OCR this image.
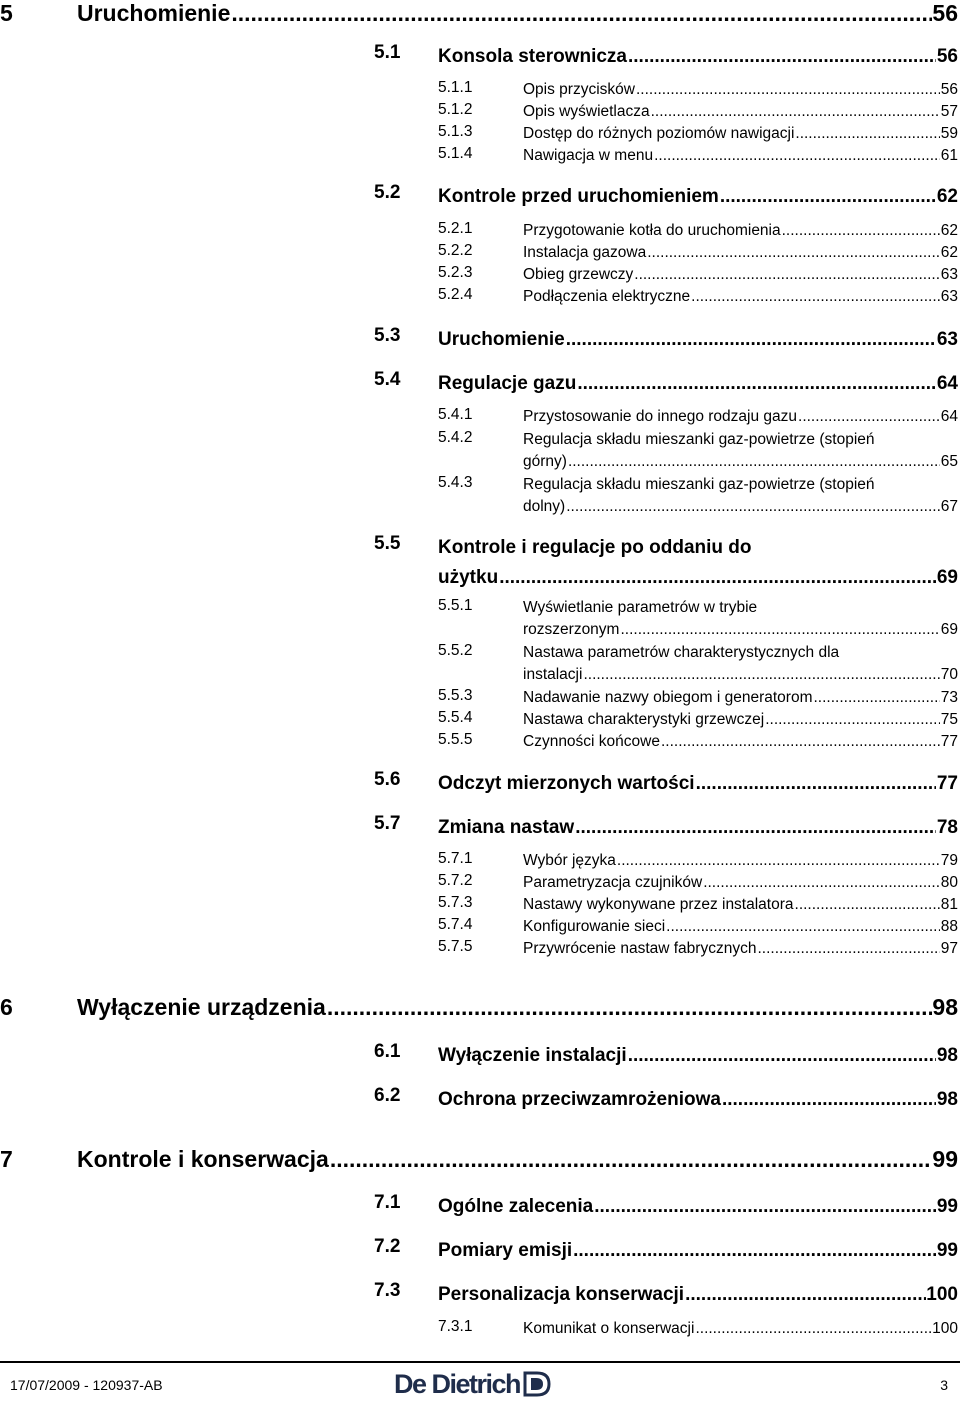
5	Uruchomienie .....	56
5.1 Konsola sterownicza .....	56
5.1.1	Opis przycisków .....	56
5.1.2	Opis wyświetlacza .....	57
5.1.3	Dostęp do różnych poziomów nawigacji .....	59
5.1.4	Nawigacja w menu .....	61
5.2 Kontrole przed uruchomieniem .....	62
5.2.1	Przygotowanie kotła do uruchomienia .....	62
5.2.2	Instalacja gazowa .....	62
5.2.3	Obieg grzewczy .....	63
5.2.4	Podłączenia elektryczne .....	63
5.3 Uruchomienie .....	63
5.4 Regulacje gazu .....	64
5.4.1	Przystosowanie do innego rodzaju gazu .....	64
5.4.2	Regulacja składu mieszanki gaz-powietrze (stopień
górny) .....	65
5.4.3	Regulacja składu mieszanki gaz-powietrze (stopień
dolny) .....	67
5.5 Kontrole i regulacje po oddaniu do
użytku .....	69
5.5.1	Wyświetlanie parametrów w trybie
rozszerzonym .....	69
5.5.2	Nastawa parametrów charakterystycznych dla
instalacji .....	70
5.5.3	Nadawanie nazwy obiegom i generatorom .....	73
5.5.4	Nastawa charakterystyki grzewczej .....	75
5.5.5	Czynności końcowe .....	77
5.6 Odczyt mierzonych wartości .....	77
5.7 Zmiana nastaw .....	78
5.7.1	Wybór języka .....	79
5.7.2	Parametryzacja czujników .....	80
5.7.3	Nastawy wykonywane przez instalatora .....	81
5.7.4	Konfigurowanie sieci .....	88
5.7.5	Przywrócenie nastaw fabrycznych .....	97
6	Wyłączenie urządzenia .....	98
6.1 Wyłączenie instalacji .....	98
6.2 Ochrona przeciwzamrożeniowa .....	98
7	Kontrole i konserwacja .....	99
7.1 Ogólne zalecenia .....	99
7.2 Pomiary emisji .....	99
7.3 Personalizacja konserwacji .....	100
7.3.1	Komunikat o konserwacji .....	100
17/07/2009 - 120937-AB	De Dietrich	3
